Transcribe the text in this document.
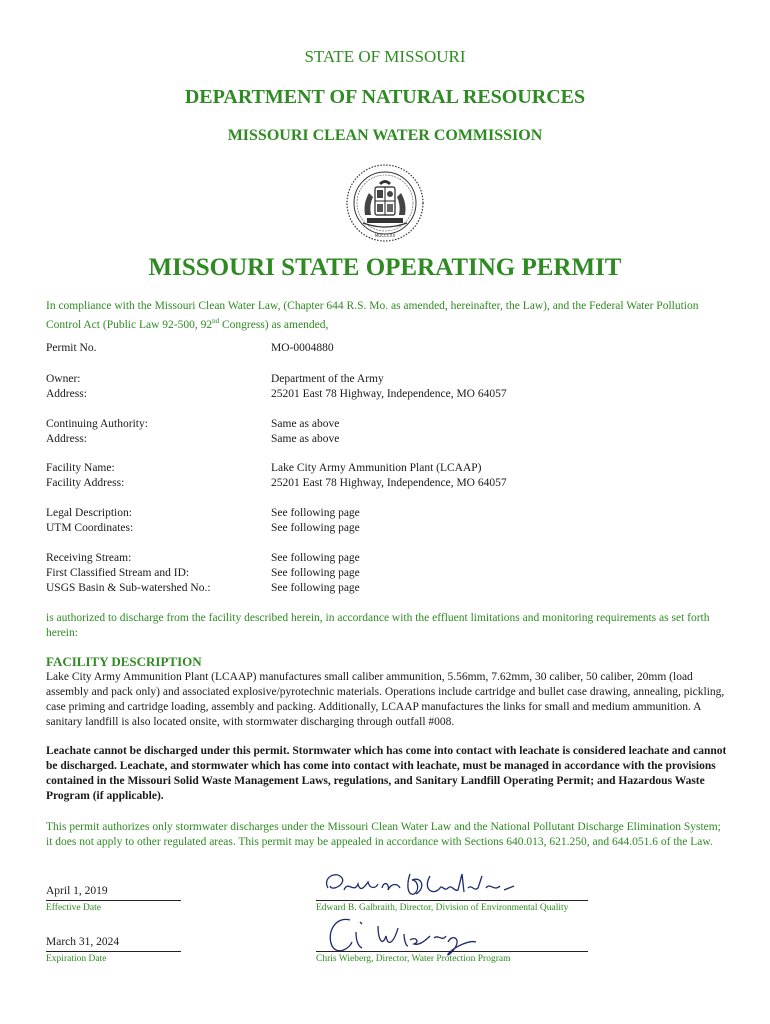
STATE OF MISSOURI
DEPARTMENT OF NATURAL RESOURCES
MISSOURI CLEAN WATER COMMISSION
MDCCCXX
MISSOURI STATE OPERATING PERMIT
In compliance with the Missouri Clean Water Law, (Chapter 644 R.S. Mo. as amended, hereinafter, the Law), and the Federal Water Pollution Control Act (Public Law 92-500, 92nd Congress) as amended,
Permit No.	MO-0004880
Owner:	Department of the Army
Address:	25201 East 78 Highway, Independence, MO 64057
Continuing Authority:	Same as above
Address:	Same as above
Facility Name:	Lake City Army Ammunition Plant (LCAAP)
Facility Address:	25201 East 78 Highway, Independence, MO 64057
Legal Description:	See following page
UTM Coordinates:	See following page
Receiving Stream:	See following page
First Classified Stream and ID:	See following page
USGS Basin & Sub-watershed No.:	See following page
is authorized to discharge from the facility described herein, in accordance with the effluent limitations and monitoring requirements as set forth herein:
FACILITY DESCRIPTION
Lake City Army Ammunition Plant (LCAAP) manufactures small caliber ammunition, 5.56mm, 7.62mm, 30 caliber, 50 caliber, 20mm (load assembly and pack only) and associated explosive/pyrotechnic materials. Operations include cartridge and bullet case drawing, annealing, pickling, case priming and cartridge loading, assembly and packing. Additionally, LCAAP manufactures the links for small and medium ammunition. A sanitary landfill is also located onsite, with stormwater discharging through outfall #008.
Leachate cannot be discharged under this permit. Stormwater which has come into contact with leachate is considered leachate and cannot be discharged. Leachate, and stormwater which has come into contact with leachate, must be managed in accordance with the provisions contained in the Missouri Solid Waste Management Laws, regulations, and Sanitary Landfill Operating Permit; and Hazardous Waste Program (if applicable).
This permit authorizes only stormwater discharges under the Missouri Clean Water Law and the National Pollutant Discharge Elimination System; it does not apply to other regulated areas. This permit may be appealed in accordance with Sections 640.013, 621.250, and 644.051.6 of the Law.
April 1, 2019
Effective Date	Edward B. Galbraith, Director, Division of Environmental Quality
March 31, 2024
Expiration Date	Chris Wieberg, Director, Water Protection Program
